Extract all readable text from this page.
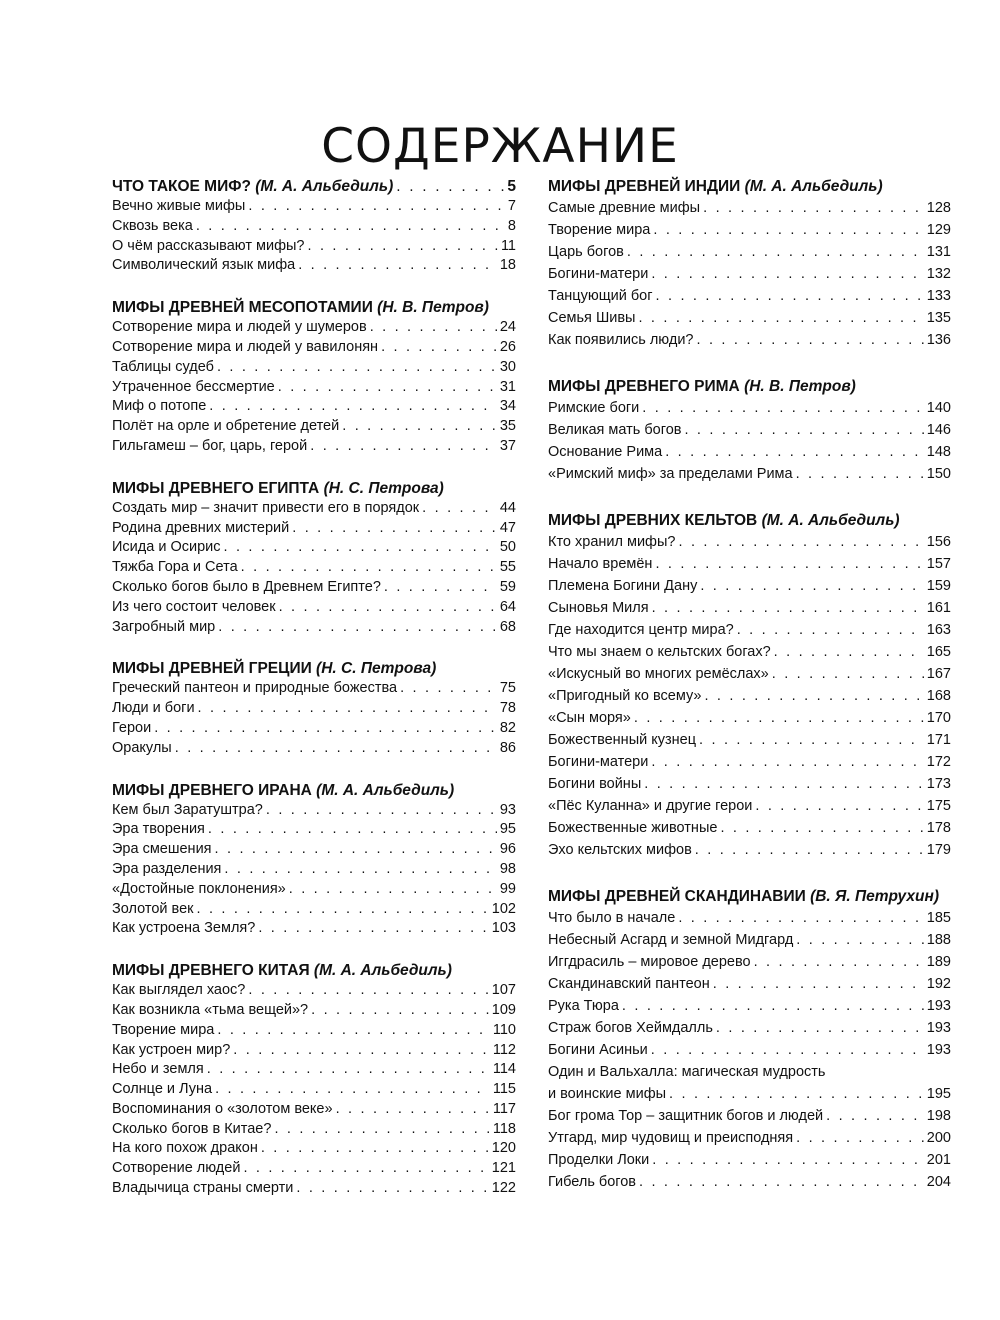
СОДЕРЖАНИЕ
ЧТО ТАКОЕ МИФ? (М. А. Альбедиль) . . .	5
Вечно живые мифы . . .	7
Сквозь века . . .	8
О чём рассказывают мифы? . . .	11
Символический язык мифа . . .	18
МИФЫ ДРЕВНЕЙ МЕСОПОТАМИИ (Н. В. Петров)
Сотворение мира и людей у шумеров . . .	24
Сотворение мира и людей у вавилонян . . .	26
Таблицы судеб . . .	30
Утраченное бессмертие . . .	31
Миф о потопе . . .	34
Полёт на орле и обретение детей . . .	35
Гильгамеш – бог, царь, герой . . .	37
МИФЫ ДРЕВНЕГО ЕГИПТА (Н. С. Петрова)
Создать мир – значит привести его в порядок . . .	44
Родина древних мистерий . . .	47
Исида и Осирис . . .	50
Тяжба Гора и Сета . . .	55
Сколько богов было в Древнем Египте? . . .	59
Из чего состоит человек . . .	64
Загробный мир . . .	68
МИФЫ ДРЕВНЕЙ ГРЕЦИИ (Н. С. Петрова)
Греческий пантеон и природные божества . . .	75
Люди и боги . . .	78
Герои . . .	82
Оракулы . . .	86
МИФЫ ДРЕВНЕГО ИРАНА (М. А. Альбедиль)
Кем был Заратуштра? . . .	93
Эра творения . . .	95
Эра смешения . . .	96
Эра разделения . . .	98
«Достойные поклонения» . . .	99
Золотой век . . .	102
Как устроена Земля? . . .	103
МИФЫ ДРЕВНЕГО КИТАЯ (М. А. Альбедиль)
Как выглядел хаос? . . .	107
Как возникла «тьма вещей»? . . .	109
Творение мира . . .	110
Как устроен мир? . . .	112
Небо и земля . . .	114
Солнце и Луна . . .	115
Воспоминания о «золотом веке» . . .	117
Сколько богов в Китае? . . .	118
На кого похож дракон . . .	120
Сотворение людей . . .	121
Владычица страны смерти . . .	122
МИФЫ ДРЕВНЕЙ ИНДИИ (М. А. Альбедиль)
Самые древние мифы . . .	128
Творение мира . . .	129
Царь богов . . .	131
Богини-матери . . .	132
Танцующий бог . . .	133
Семья Шивы . . .	135
Как появились люди? . . .	136
МИФЫ ДРЕВНЕГО РИМА (Н. В. Петров)
Римские боги . . .	140
Великая мать богов . . .	146
Основание Рима . . .	148
«Римский миф» за пределами Рима . . .	150
МИФЫ ДРЕВНИХ КЕЛЬТОВ (М. А. Альбедиль)
Кто хранил мифы? . . .	156
Начало времён . . .	157
Племена Богини Дану . . .	159
Сыновья Миля . . .	161
Где находится центр мира? . . .	163
Что мы знаем о кельтских богах? . . .	165
«Искусный во многих ремёслах» . . .	167
«Пригодный ко всему» . . .	168
«Сын моря» . . .	170
Божественный кузнец . . .	171
Богини-матери . . .	172
Богини войны . . .	173
«Пёс Куланна» и другие герои . . .	175
Божественные животные . . .	178
Эхо кельтских мифов . . .	179
МИФЫ ДРЕВНЕЙ СКАНДИНАВИИ (В. Я. Петрухин)
Что было в начале . . .	185
Небесный Асгард и земной Мидгард . . .	188
Иггдрасиль – мировое дерево . . .	189
Скандинавский пантеон . . .	192
Рука Тюра . . .	193
Страж богов Хеймдалль . . .	193
Богини Асиньи . . .	193
Один и Вальхалла: магическая мудрость
и воинские мифы . . .	195
Бог грома Тор – защитник богов и людей . . .	198
Утгард, мир чудовищ и преисподняя . . .	200
Проделки Локи . . .	201
Гибель богов . . .	204
